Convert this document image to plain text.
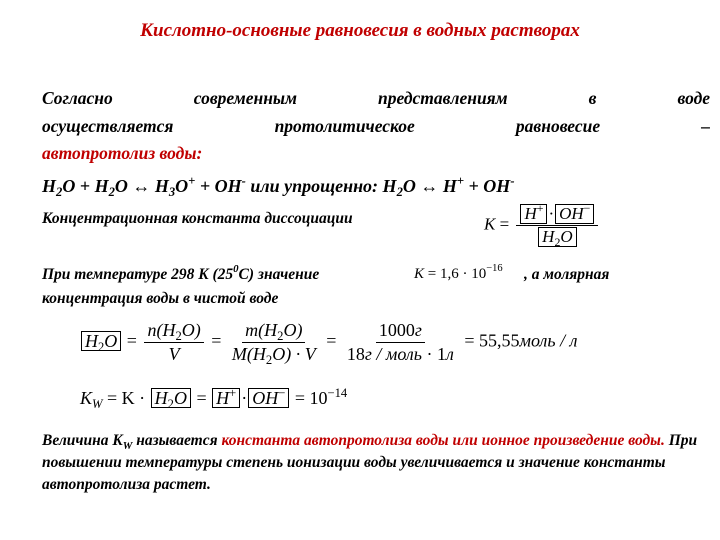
Кислотно-основные равновесия в водных растворах
Согласно	современным	представлениям	в	воде
осуществляется	протолитическое	равновесие	–
автопротолиз воды:
$H_2O + H_2O$ ↔ $H_3O^+ + OH^-$ или упрощенно: $H_2O$ ↔ H+ + OH-
Концентрационная константа диссоциации	$K = \frac{H^+ \cdot OH^-}{H_2O}$
При температуре 298 K $(25^0С)$ значение	$K = 1,6 \cdot 10^{-16}$ , а молярная
концентрация воды в чистой воде
$H_2O = \frac{n(H_2O)}{V} = \frac{m(H_2O)}{M(H_2O) \cdot V} = \frac{1000г}{\text{18г / моль · 1л}}$ = 55,55моль / л
$K_W = K \cdot H_2O = H^+ \cdot OH^- = 10^{-14}$
Величина $K_W$ называется константа автопротолиза воды или ионное произведение воды. При повышении температуры степень ионизации воды увеличивается и значение константы автопротолиза растет.
